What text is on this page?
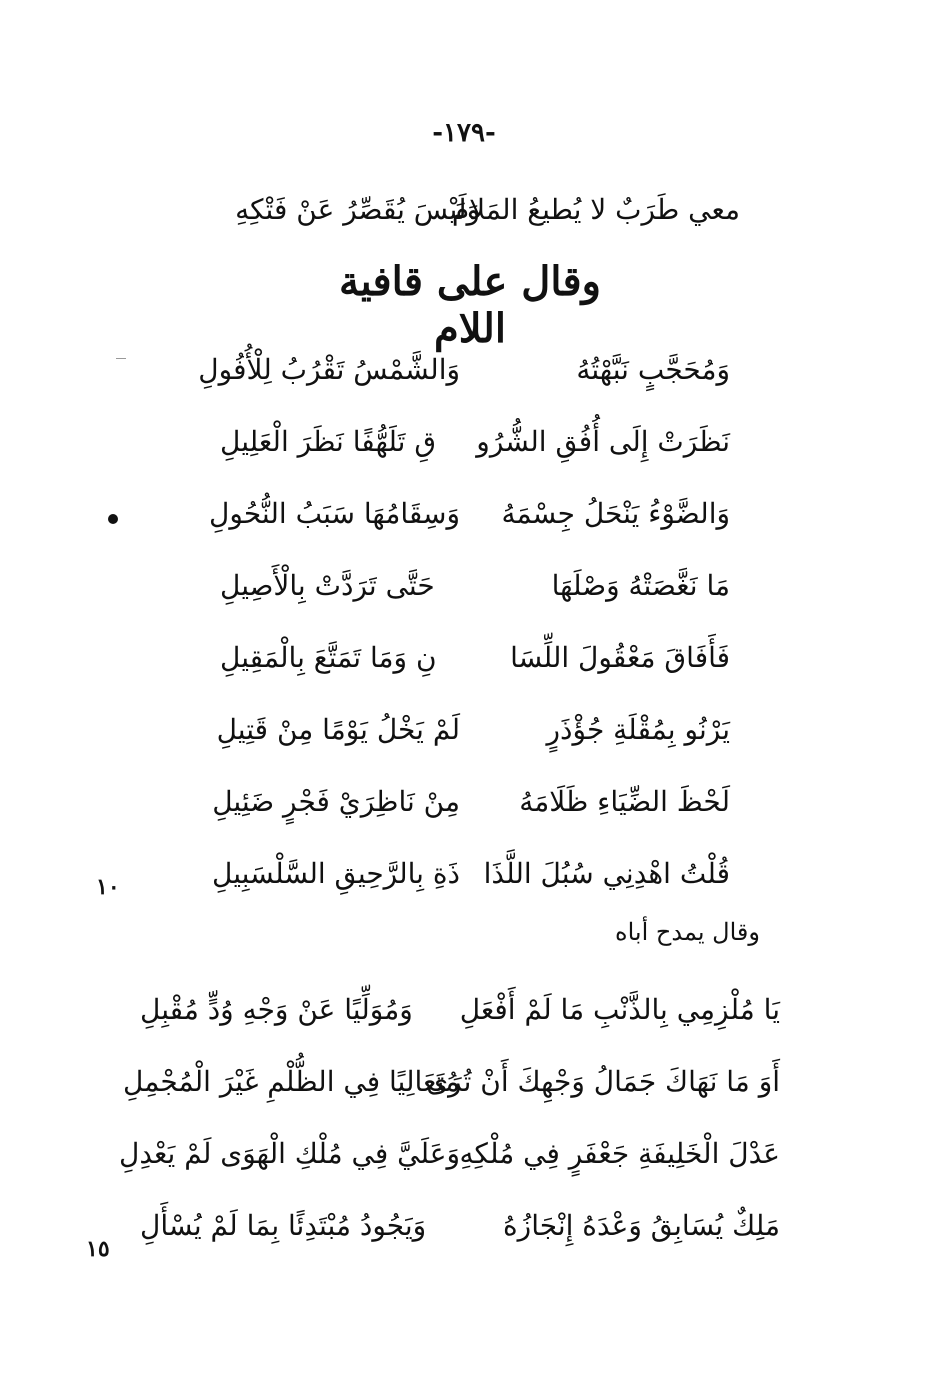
-١٧٩-
معي طَرَبٌ لا يُطيعُ المَلامَ
وَلَيْسَ يُقَصِّرُ عَنْ فَتْكِهِ
وقال على قافية اللام
وَمُحَجَّبٍ نَبَّهْتُهُ
وَالشَّمْسُ تَقْرُبُ لِلْأُفُولِ
نَظَرَتْ إِلَى أُفُقِ الشُّرُو
قِ تَلَهُّفًا نَظَرَ الْعَلِيلِ
وَالضَّوْءُ يَنْحَلُ جِسْمَهُ
وَسِقَامُهَا سَبَبُ النُّحُولِ
مَا نَغَّصَتْهُ وَصْلَهَا
حَتَّى تَرَدَّتْ بِالْأَصِيلِ
فَأَفَاقَ مَعْقُولَ اللِّسَا
نِ وَمَا تَمَتَّعَ بِالْمَقِيلِ
يَرْنُو بِمُقْلَةِ جُؤْذَرٍ
لَمْ يَخْلُ يَوْمًا مِنْ قَتِيلِ
لَحْظَ الضِّيَاءِ ظَلَامَهُ
مِنْ نَاظِرَيْ فَجْرٍ ضَئِيلِ
قُلْتُ اهْدِنِي سُبُلَ اللَّذَا
ذَةِ بِالرَّحِيقِ السَّلْسَبِيلِ
وقال يمدح أباه
يَا مُلْزِمِي بِالذَّنْبِ مَا لَمْ أَفْعَلِ
وَمُوَلِّيًا عَنْ وَجْهِ وُدٍّ مُقْبِلِ
أَوَ مَا نَهَاكَ جَمَالُ وَجْهِكَ أَنْ تُرَى
مُتَعَالِيًا فِي الظُّلْمِ غَيْرَ الْمُجْمِلِ
عَدْلَ الْخَلِيفَةِ جَعْفَرٍ فِي مُلْكِهِ
وَعَلَيَّ فِي مُلْكِ الْهَوَى لَمْ يَعْدِلِ
مَلِكٌ يُسَابِقُ وَعْدَهُ إِنْجَازُهُ
وَيَجُودُ مُبْتَدِئًا بِمَا لَمْ يُسْأَلِ
١٠
١٥
